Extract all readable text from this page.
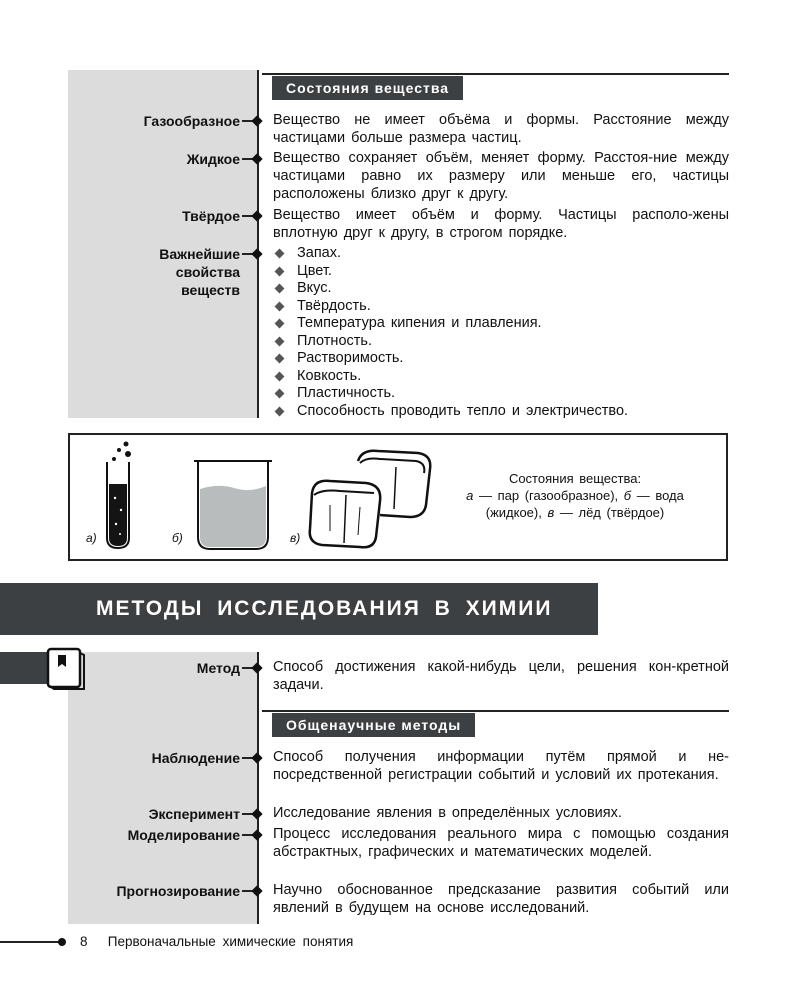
Состояния вещества
Газообразное Вещество не имеет объёма и формы. Расстояние между частицами больше размера частиц.
Жидкое Вещество сохраняет объём, меняет форму. Расстоя-ние между частицами равно их размеру или меньше его, частицы расположены близко друг к другу.
Твёрдое Вещество имеет объём и форму. Частицы располо-жены вплотную друг к другу, в строгом порядке.
Важнейшие свойства веществ
Запах.
Цвет.
Вкус.
Твёрдость.
Температура кипения и плавления.
Плотность.
Растворимость.
Ковкость.
Пластичность.
Способность проводить тепло и электричество.
а)	б)	в)
Состояния вещества:
а — пар (газообразное), б — вода (жидкое), в — лёд (твёрдое)
МЕТОДЫ ИССЛЕДОВАНИЯ В ХИМИИ
Метод Способ достижения какой-нибудь цели, решения кон-кретной задачи.
Общенаучные методы
Наблюдение Способ получения информации путём прямой и не-посредственной регистрации событий и условий их протекания.
Эксперимент Исследование явления в определённых условиях.
Моделирование Процесс исследования реального мира с помощью создания абстрактных, графических и математических моделей.
Прогнозирование Научно обоснованное предсказание развития событий или явлений в будущем на основе исследований.
8 Первоначальные химические понятия
